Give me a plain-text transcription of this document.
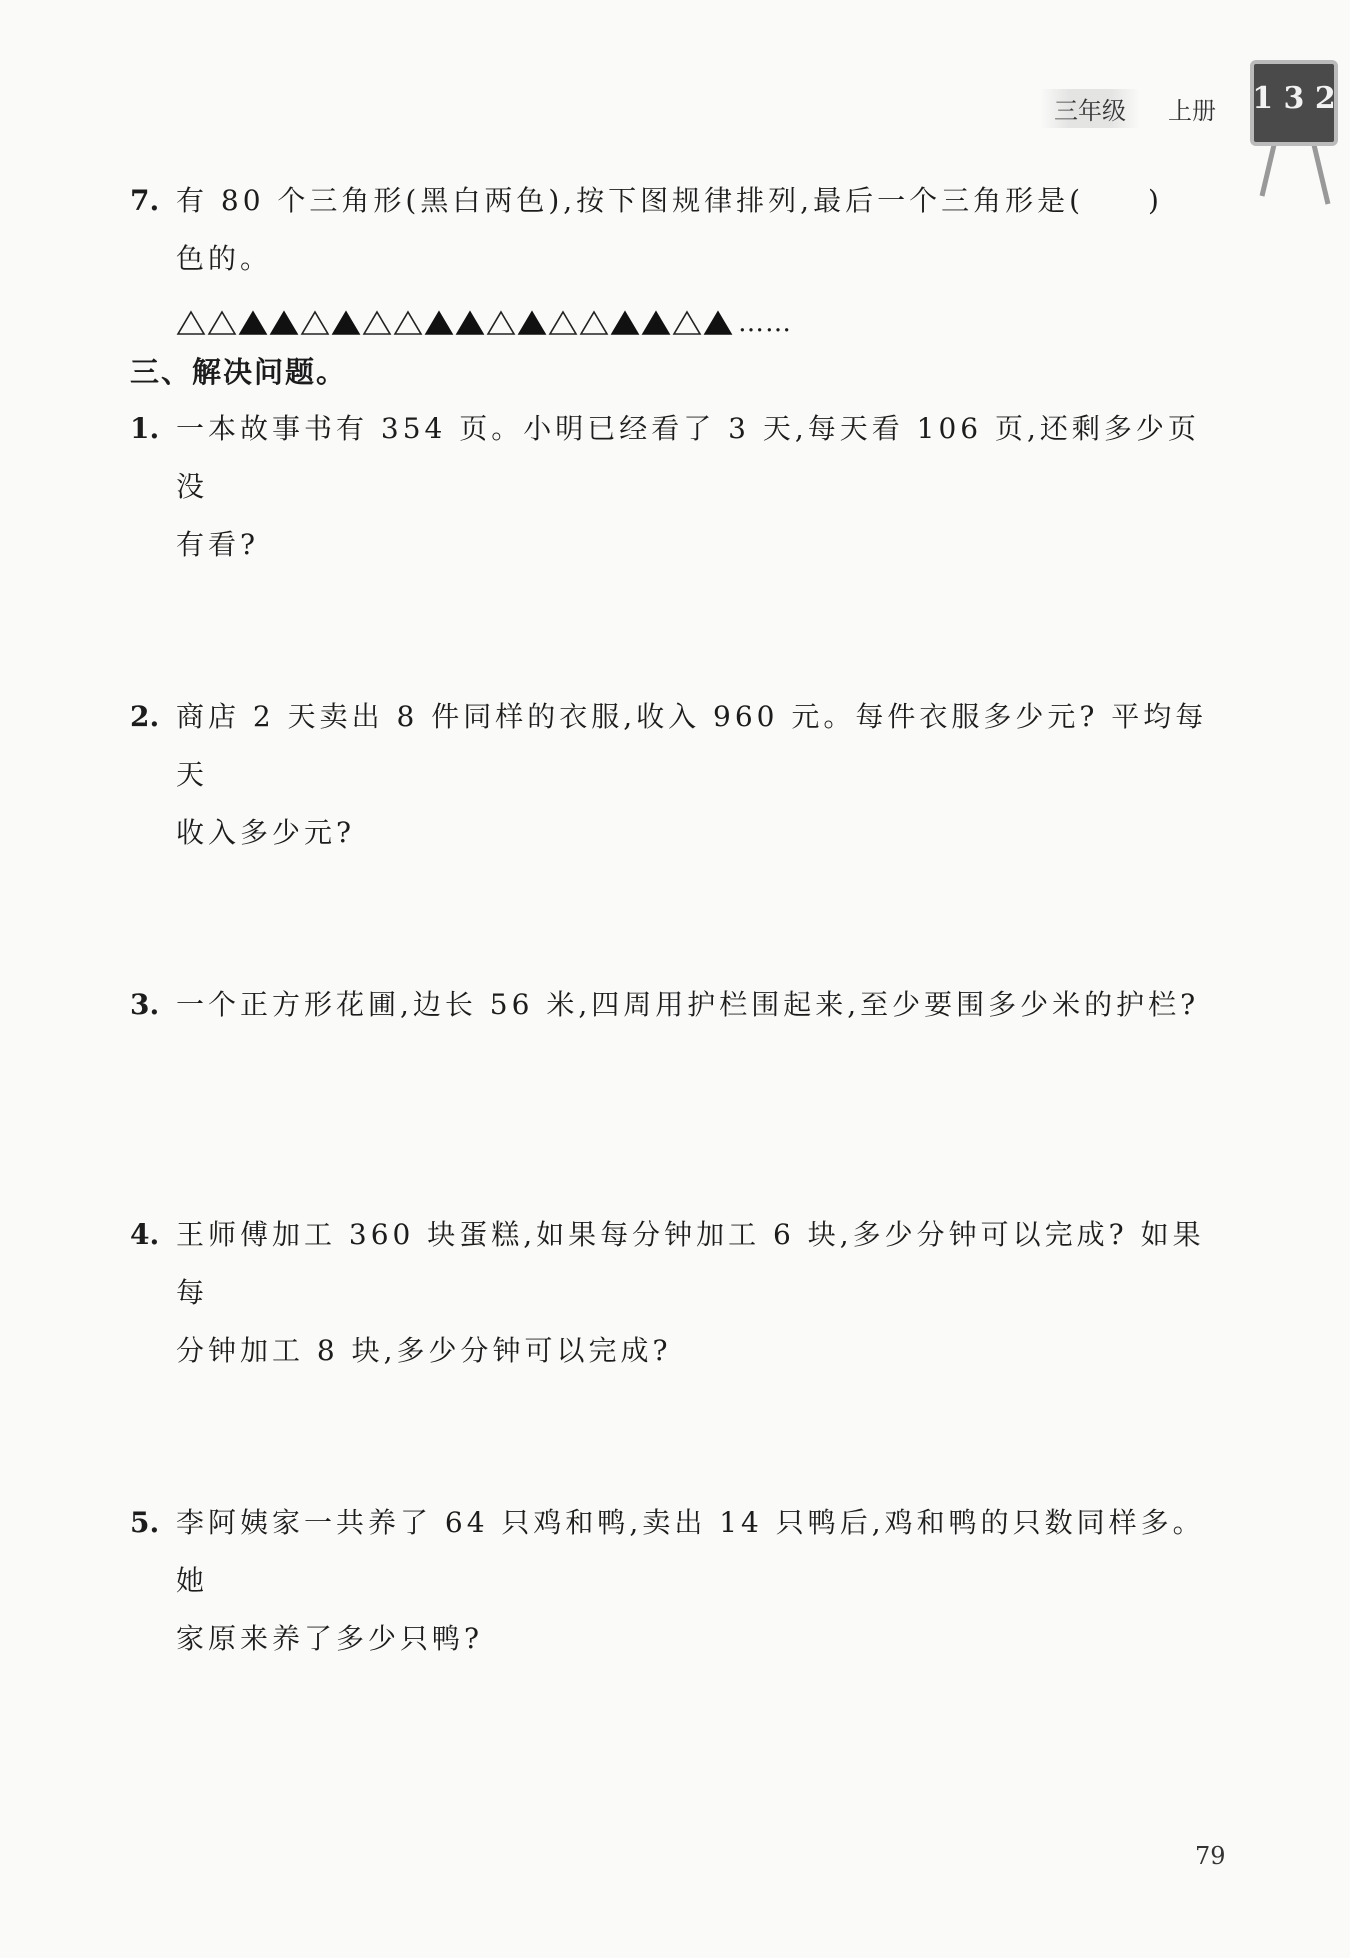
三年级	上册 1 3 2
7. 有 80 个三角形(黑白两色),按下图规律排列,最后一个三角形是(　　)
色的。
……
三、解决问题。
1. 一本故事书有 354 页。小明已经看了 3 天,每天看 106 页,还剩多少页没
有看?
2. 商店 2 天卖出 8 件同样的衣服,收入 960 元。每件衣服多少元? 平均每天
收入多少元?
3. 一个正方形花圃,边长 56 米,四周用护栏围起来,至少要围多少米的护栏?
4. 王师傅加工 360 块蛋糕,如果每分钟加工 6 块,多少分钟可以完成? 如果每
分钟加工 8 块,多少分钟可以完成?
5. 李阿姨家一共养了 64 只鸡和鸭,卖出 14 只鸭后,鸡和鸭的只数同样多。她
家原来养了多少只鸭?
79
